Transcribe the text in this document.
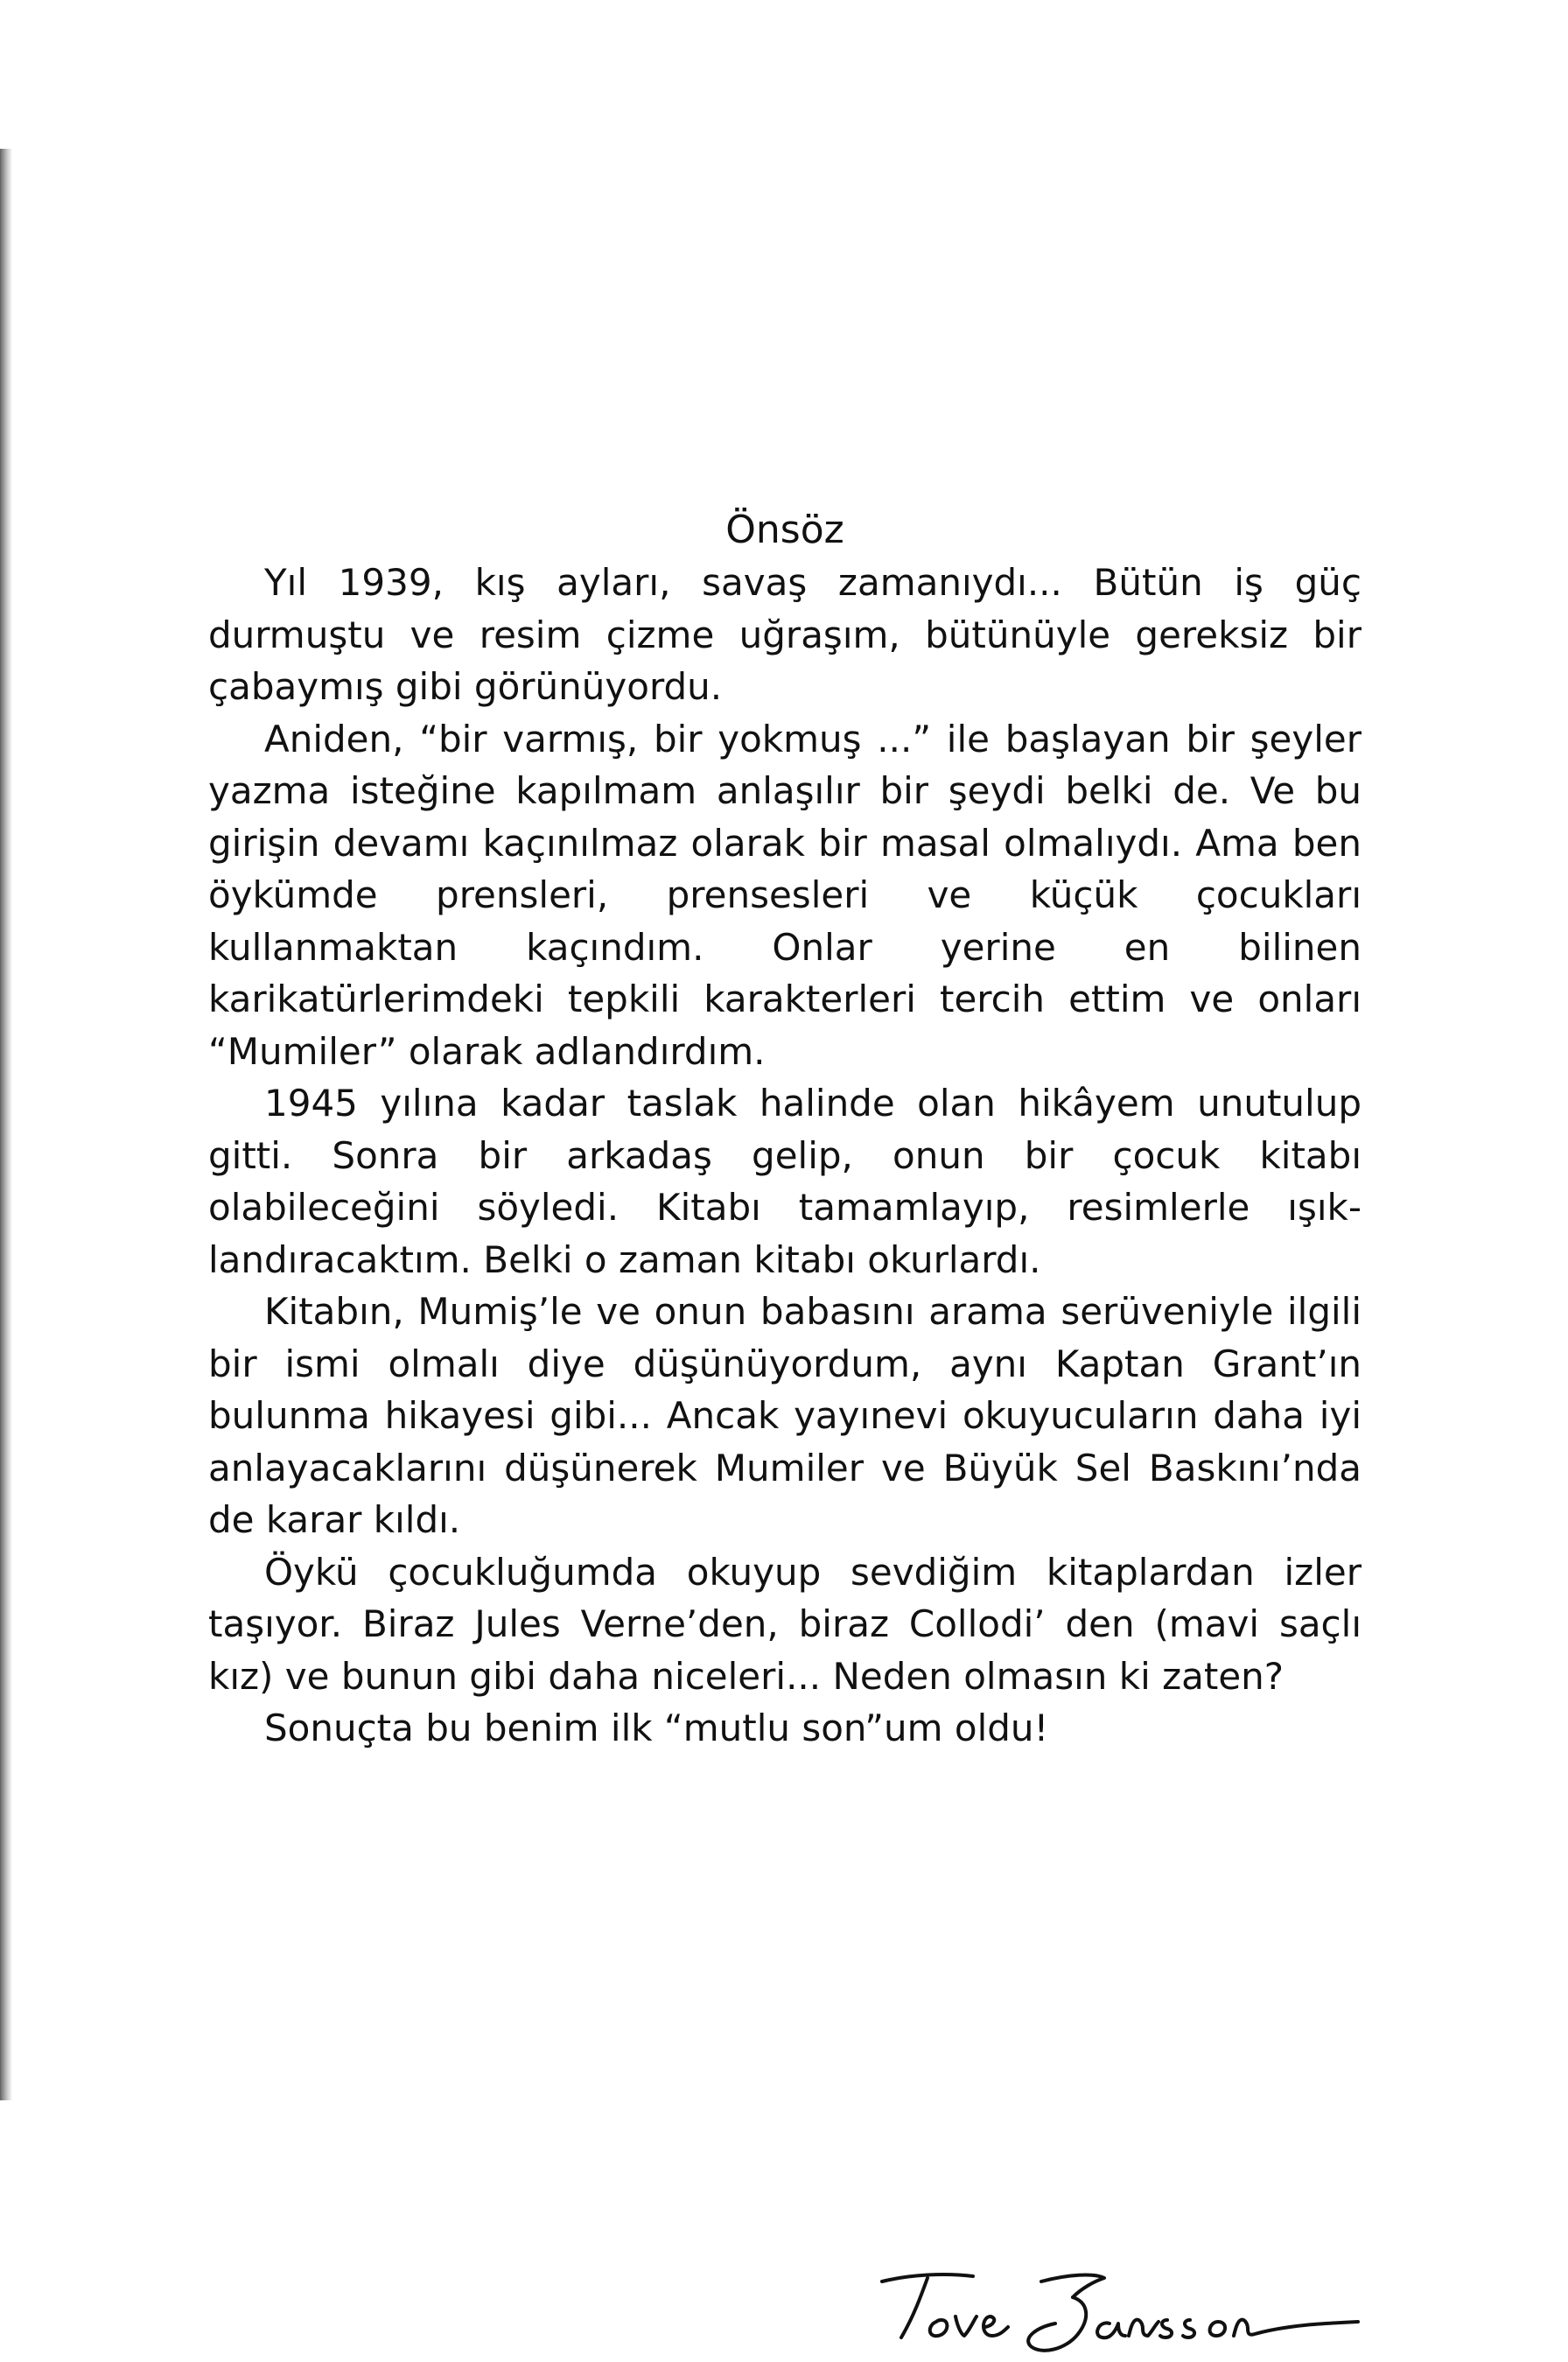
Önsöz

Yıl 1939, kış ayları, savaş zamanıydı... Bütün iş güç durmuştu ve resim çizme uğraşım, bütünüyle gereksiz bir çabaymış gibi görünüyordu.

Aniden, “bir varmış, bir yokmuş ...” ile başlayan bir şeyler yazma isteğine kapılmam anlaşılır bir şeydi belki de. Ve bu girişin devamı kaçınılmaz olarak bir masal olmalıydı. Ama ben öykümde prensleri, prensesleri ve küçük çocukları kullanmaktan kaçındım. Onlar yerine en bilinen karikatürlerimdeki tepkili karakterleri tercih ettim ve onları “Mumiler” olarak adlandırdım.

1945 yılına kadar taslak halinde olan hikâyem unutulup gitti. Sonra bir arkadaş gelip, onun bir çocuk kitabı olabileceğini söyledi. Kitabı tamamlayıp, resimlerle ışıklandıracaktım. Belki o zaman kitabı okurlardı.

Kitabın, Mumiş’le ve onun babasını arama serüveniyle ilgili bir ismi olmalı diye düşünüyordum, aynı Kaptan Grant’ın bulunma hikayesi gibi... Ancak yayınevi okuyucuların daha iyi anlayacaklarını düşünerek Mumiler ve Büyük Sel Baskını’nda de karar kıldı.

Öykü çocukluğumda okuyup sevdiğim kitaplardan izler taşıyor. Biraz Jules Verne’den, biraz Collodi’ den (mavi saçlı kız) ve bunun gibi daha niceleri... Neden olmasın ki zaten?

Sonuçta bu benim ilk “mutlu son”um oldu!
